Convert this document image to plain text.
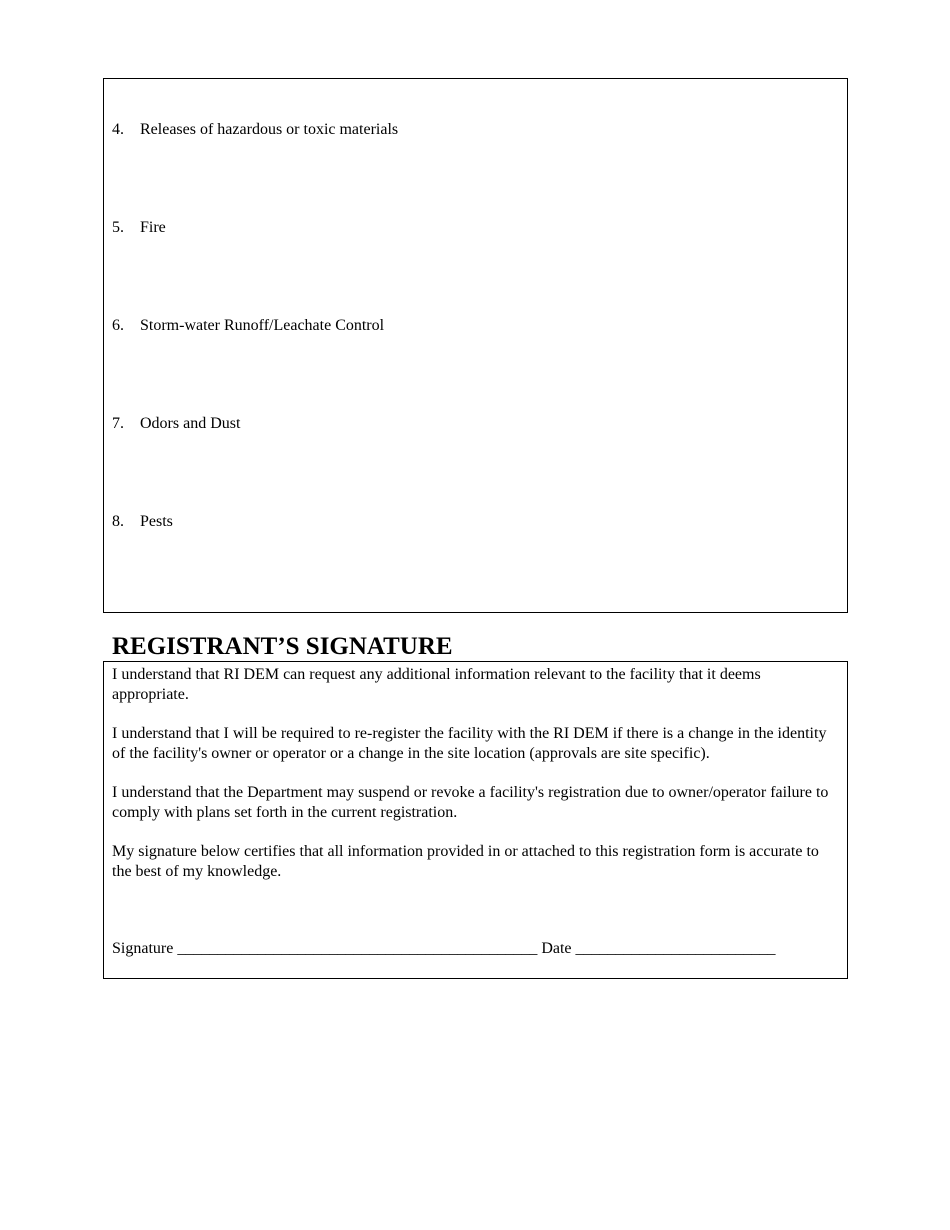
4. Releases of hazardous or toxic materials
5. Fire
6. Storm-water Runoff/Leachate Control
7. Odors and Dust
8. Pests
REGISTRANT’S SIGNATURE

I understand that RI DEM can request any additional information relevant to the facility that it deems appropriate.

I understand that I will be required to re-register the facility with the RI DEM if there is a change in the identity of the facility's owner or operator or a change in the site location (approvals are site specific).

I understand that the Department may suspend or revoke a facility's registration due to owner/operator failure to comply with plans set forth in the current registration.

My signature below certifies that all information provided in or attached to this registration form is accurate to the best of my knowledge.

Signature _____________________________________________ Date _________________________
